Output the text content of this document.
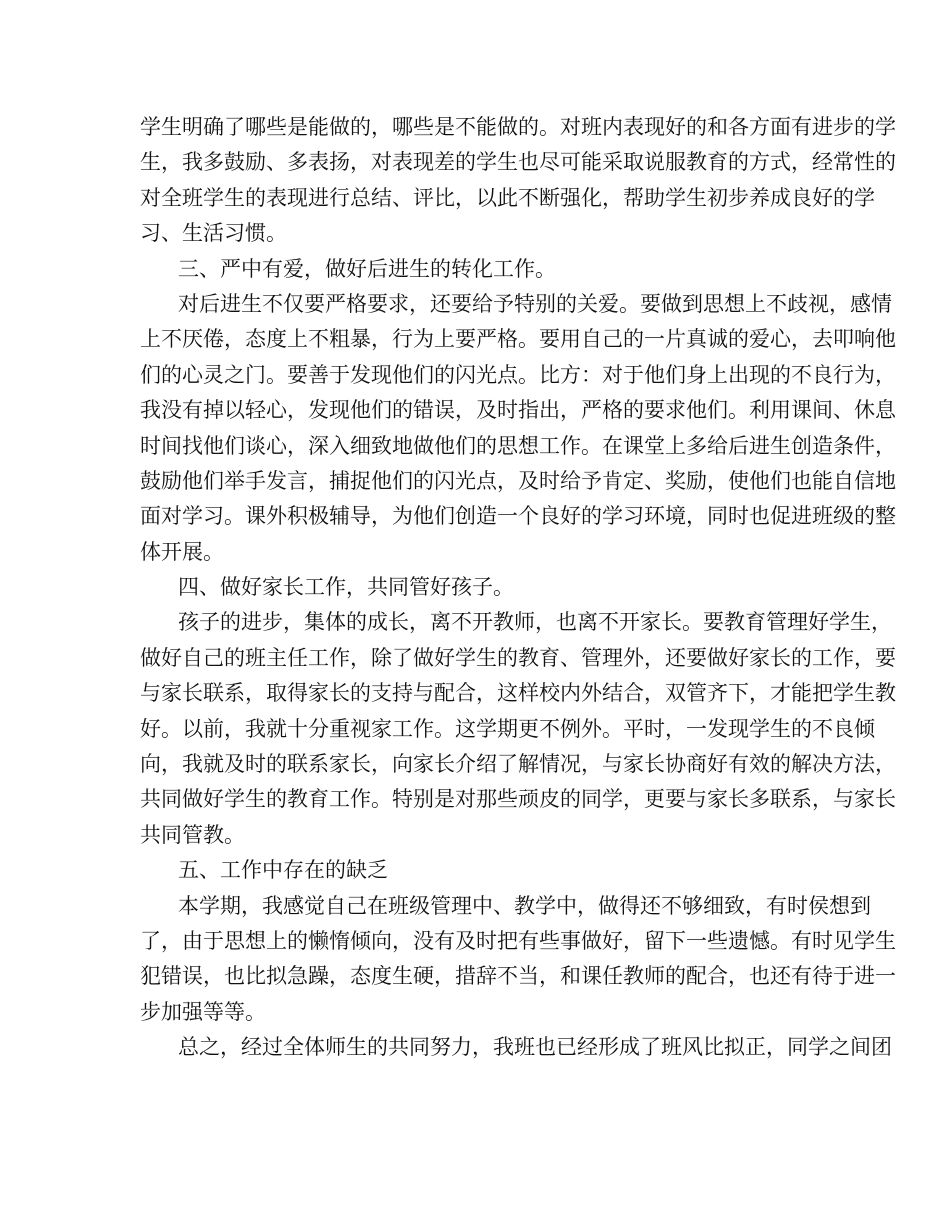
学生明确了哪些是能做的，哪些是不能做的。对班内表现好的和各方面有进步的学
生，我多鼓励、多表扬，对表现差的学生也尽可能采取说服教育的方式，经常性的
对全班学生的表现进行总结、评比，以此不断强化，帮助学生初步养成良好的学
习、生活习惯。

三、严中有爱，做好后进生的转化工作。

对后进生不仅要严格要求，还要给予特别的关爱。要做到思想上不歧视，感情
上不厌倦，态度上不粗暴，行为上要严格。要用自己的一片真诚的爱心，去叩响他
们的心灵之门。要善于发现他们的闪光点。比方：对于他们身上出现的不良行为，
我没有掉以轻心，发现他们的错误，及时指出，严格的要求他们。利用课间、休息
时间找他们谈心，深入细致地做他们的思想工作。在课堂上多给后进生创造条件，
鼓励他们举手发言，捕捉他们的闪光点，及时给予肯定、奖励，使他们也能自信地
面对学习。课外积极辅导，为他们创造一个良好的学习环境，同时也促进班级的整
体开展。

四、做好家长工作，共同管好孩子。

孩子的进步，集体的成长，离不开教师，也离不开家长。要教育管理好学生，
做好自己的班主任工作，除了做好学生的教育、管理外，还要做好家长的工作，要
与家长联系，取得家长的支持与配合，这样校内外结合，双管齐下，才能把学生教
好。以前，我就十分重视家工作。这学期更不例外。平时，一发现学生的不良倾
向，我就及时的联系家长，向家长介绍了解情况，与家长协商好有效的解决方法，
共同做好学生的教育工作。特别是对那些顽皮的同学，更要与家长多联系，与家长
共同管教。

五、工作中存在的缺乏

本学期，我感觉自己在班级管理中、教学中，做得还不够细致，有时侯想到
了，由于思想上的懒惰倾向，没有及时把有些事做好，留下一些遗憾。有时见学生
犯错误，也比拟急躁，态度生硬，措辞不当，和课任教师的配合，也还有待于进一
步加强等等。

总之，经过全体师生的共同努力，我班也已经形成了班风比拟正，同学之间团
